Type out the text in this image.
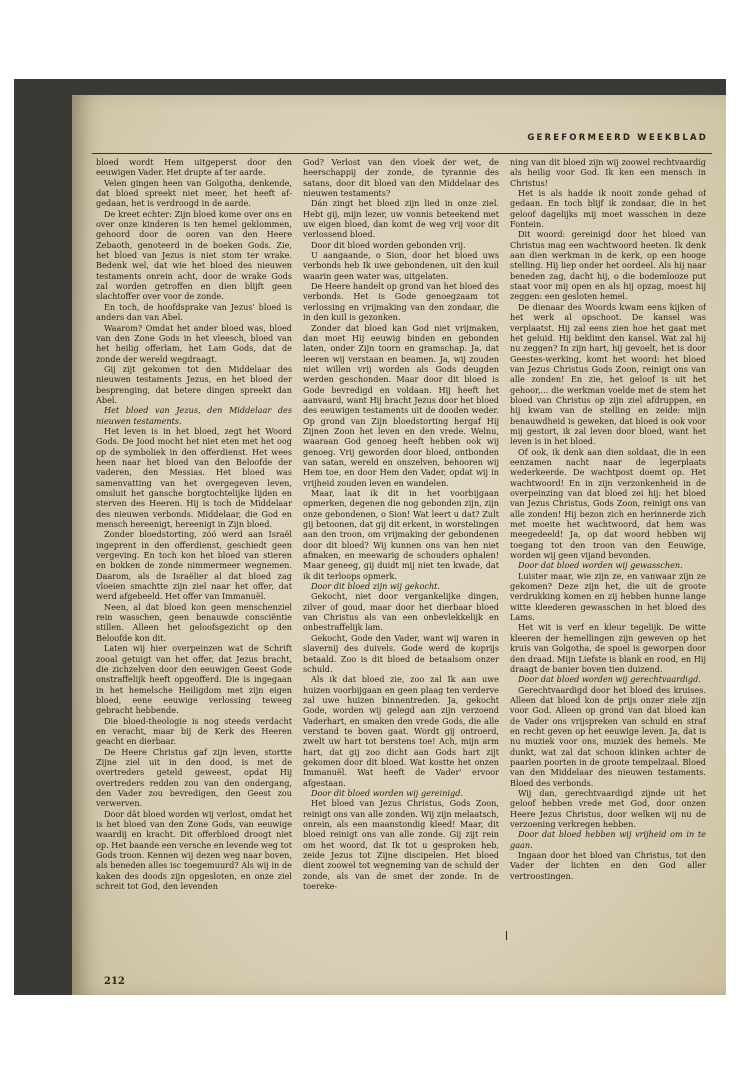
GEREFORMEERD WEEKBLAD

bloed wordt Hem uitgeperst door den eeuwigen Vader. Het drupte af ter aarde.

Velen gingen heen van Golgotha, denkende, dat bloed spreekt niet meer, het heeft afgedaan, het is verdroogd in de aarde.

De kreet echter: Zijn bloed kome over ons en over onze kinderen is ten hemel geklommen, gehoord door de ooren van den Heere Zebaoth, genoteerd in de boeken Gods. Zie, het bloed van Jezus is niet stom ter wrake. Bedenk wel, dat wie het bloed des nieuwen testaments onrein acht, door de wrake Gods zal worden getroffen en dien blijft geen slachtoffer over voor de zonde.

En toch, de hoofdsprake van Jezus' bloed is anders dan van Abel.

Waarom? Omdat het ander bloed was, bloed van den Zone Gods in het vleesch, bloed van het heilig offerlam, het Lam Gods, dat de zonde der wereld wegdraagt.

Gij zijt gekomen tot den Middelaar des nieuwen testaments Jezus, en het bloed der besprenging, dat betere dingen spreekt dan Abel.

Het bloed van Jezus, den Middelaar des nieuwen testaments.

Het leven is in het bloed, zegt het Woord Gods. De Jood mocht het niet eten met het oog op de symboliek in den offerdienst. Het wees heen naar het bloed van den Beloofde der vaderen, den Messias. Het bloed was samenvatting van het overgegeven leven, omsluit het gansche borgtochtelijke lijden en sterven des Heeren. Hij is toch de Middelaar des nieuwen verbonds. Middelaar, die God en mensch hereenigt, hereenigt in Zijn bloed.

Zonder bloedstorting, zóó werd aan Israël ingeprent in den offerdienst, geschiedt geen vergeving. En toch kon het bloed van stieren en bokken de zonde nimmermeer wegnemen. Daarom, als de Israëlier al dat bloed zag vloeien smachtte zijn ziel naar het offer, dat werd afgebeeld. Het offer van Immanuël.

Neen, al dat bloed kon geen menschenziel rein wasschen, geen benauwde consciëntie stillen. Alleen het geloofsgezicht op den Beloofde kon dit.

Laten wij hier overpeinzen wat de Schrift zooal getuigt van het offer, dat Jezus bracht, die zichzelven door den eeuwigen Geest Gode onstraffelijk heeft opgeofferd. Die is ingegaan in het hemelsche Heiligdom met zijn eigen bloed, eene eeuwige verlossing teweeg gebracht hebbende.

Die bloed-theologie is nog steeds verdacht en veracht, maar bij de Kerk des Heeren geacht en dierbaar.

De Heere Christus gaf zijn leven, stortte Zijne ziel uit in den dood, is met de overtreders geteld geweest, opdat Hij overtreders redden zou van den ondergang, den Vader zou bevredigen, den Geest zou verwerven.

Door dât bloed worden wij verlost, omdat het is het bloed van den Zone Gods, van eeuwige waardij en kracht. Dit offerbloed droogt niet op. Het baande een versche en levende weg tot Gods troon. Kennen wij dezen weg naar boven, als beneden alles isc toegemuurd? Als wij in de kaken des doods zijn opgesloten, en onze ziel schreit tot God, den levenden

God? Verlost van den vloek der wet, de heerschappij der zonde, de tyrannie des satans, door dit bloed van den Middelaar des nieuwen testaments?

Dán zingt het bloed zijn lied in onze ziel. Hebt gij, mijn lezer, uw vonnis beteekend met uw eigen bloed, dan komt de weg vrij voor dit verlossend bloed.

Door dit bloed worden gebonden vrij.

U aangaande, o Sion, door het bloed uws verbonds heb Ik uwe gebondenen, uit den kuil waarin geen water was, uitgelaten.

De Heere handelt op grond van het bloed des verbonds. Het is Gode genoegzaam tot verlossing en vrijmaking van den zondaar, die in den kuil is gezonken.

Zonder dat bloed kan God niet vrijmaken, dan moet Hij eeuwig binden en gebonden laten, onder Zijn toorn en gramschap. Ja, dat leeren wij verstaan en beamen. Ja, wij zouden niet willen vrij worden als Gods deugden werden geschonden. Maar door dit bloed is Gode bevredigd en voldaan. Hij heeft het aanvaard, want Hij bracht Jezus door het bloed des eeuwigen testaments uit de dooden weder. Op grond van Zijn bloedstorting hergaf Hij Zijnen Zoon het leven en den vrede. Welnu, waaraan God genoeg heeft hebben ook wij genoeg. Vrij geworden door bloed, ontbonden van satan, wereld en onszelven, behooren wij Hem toe, en door Hem den Vader, opdat wij in vrijheid zouden leven en wandelen.

Maar, laat ik dit in het voorbijgaan opmerken, degenen die nog gebonden zijn, zijn onze gebondenen, o Sion! Wat leert u dat? Zult gij betoonen, dat gij dit erkent, in worstelingen aan den troon, om vrijmaking der gebondenen door dit bloed? Wij kunnen ons van hen niet afmaken, en meewarig de schouders ophalen! Maar geneeg, gij duidt mij niet ten kwade, dat ik dit terloops opmerk.

Door dit bloed zijn wij gekocht.

Gekocht, niet door vergankelijke dingen, zilver of goud, maar door het dierbaar bloed van Christus als van een onbevlekkelijk en onbestraffelijk lam.

Gekocht, Gode den Vader, want wij waren in slavernij des duivels. Gode werd de koprijs betaald. Zoo is dit bloed de betaalsom onzer schuld.

Als ik dat bloed zie, zoo zal Ik aan uwe huizen voorbijgaan en geen plaag ten verderve zal uwe huizen binnentreden. Ja, gekocht Gode, worden wij gelegd aan zijn verzoend Vaderhart, en smaken den vrede Gods, die alle verstand te boven gaat. Wordt gij ontroerd, zwelt uw hart tot berstens toe! Ach, mijn arm hart, dat gij zoo dicht aan Gods hart zijt gekomen door dit bloed. Wat kostte het onzen Immanuël. Wat heeft de Vader' ervoor afgestaan.

Door dit bloed worden wij gereinigd.

Het bloed van Jezus Christus, Gods Zoon, reinigt ons van alle zonden. Wij zijn melaatsch, onrein, als een maanstondig kleed! Maar, dit bloed reinigt ons van alle zonde. Gij zijt rein om het woord, dat Ik tot u gesproken heb, zeide Jezus tot Zijne discipelen. Het bloed dient zoowel tot wegneming van de schuld der zonde, als van de smet der zonde. In de toereke-

ning van dit bloed zijn wij zoowel rechtvaardig als heilig voor God. Ik ken een mensch in Christus!

Het is als hadde ik nooit zonde gehad of gedaan. En toch blijf ik zondaar, die in het geloof dagelijks mij moet wasschen in deze Fontein.

Dit woord: gereinigd door het bloed van Christus mag een wachtwoord heeten. Ik denk aan dien werkman in de kerk, op een hooge stelling. Hij liep onder het oordeel. Als hij naar beneden zag, dacht hij, o die bodemlooze put staat voor mij open en als hij opzag, moest hij zeggen: een gesloten hemel.

De dienaar des Woords kwam eens kijken of het werk al opschoot. De kansel was verplaatst. Hij zal eens zien hoe het gaat met het geluid. Hij beklimt den kansel. Wat zal hij nu zeggen? In zijn hart, hij gevoelt, het is door Geestes-werking, komt het woord: het bloed van Jezus Christus Gods Zoon, reinigt ons van alle zonden! En zie, het geloof is uit het gehoor,... die werkman voelde met de stem het bloed van Christus op zijn ziel afdruppen, en hij kwam van de stelling en zeide: mijn benauwdheid is geweken, dat bloed is ook voor mij gestort, ik zal leven door bloed, want het leven is in het bloed.

Of ook, ik denk aan dien soldaat, die in een eenzamen nacht naar de legerplaats wederkeerde. De wachtpost doemt op. Het wachtwoord! En in zijn verzonkenheid in de overpeinzing van dat bloed zei hij: het bloed van Jezus Christus, Gods Zoon, reinigt ons van alle zonden! Hij bezon zich en herinnerde zich met moeite het wachtwoord, dat hem was meegedeeld! Ja, op dat woord hebben wij toegang tot den troon van den Eeuwige, worden wij geen vijand bevonden.

Door dat bloed worden wij gewasschen.

Luister maar, wie zijn ze, en vanwaar zijn ze gekomen? Deze zijn het, die uit de groote verdrukking komen en zij hebben hunne lange witte kleederen gewasschen in het bloed des Lams.

Het wit is verf en kleur tegelijk. De witte kleeren der hemellingen zijn geweven op het kruis van Golgotha, de spoel is geworpen door den draad. Mijn Liefste is blank en rood, en Hij draagt de banier boven tien duizend.

Door dat bloed worden wij gerechtvaardigd.

Gerechtvaardigd door het bloed des kruises. Alleen dat bloed kon de prijs onzer ziele zijn voor God. Alleen op grond van dat bloed kan de Vader ons vrijspreken van schuld en straf en recht geven op het eeuwige leven. Ja, dat is nu muziek voor ons, muziek des hemels. Me dunkt, wat zal dat schoon klinken achter de paarlen poorten in de groote tempelzaal. Bloed van den Middelaar des nieuwen testaments. Bloed des verbonds.

Wij dan, gerechtvaardigd zijnde uit het geloof hebben vrede met God, door onzen Heere Jezus Christus, door welken wij nu de verzoening verkregen hebben.

Door dat bloed hebben wij vrijheid om in te gaan.

Ingaan door het bloed van Christus, tot den Vader der lichten en den God aller vertroostingen.

212
